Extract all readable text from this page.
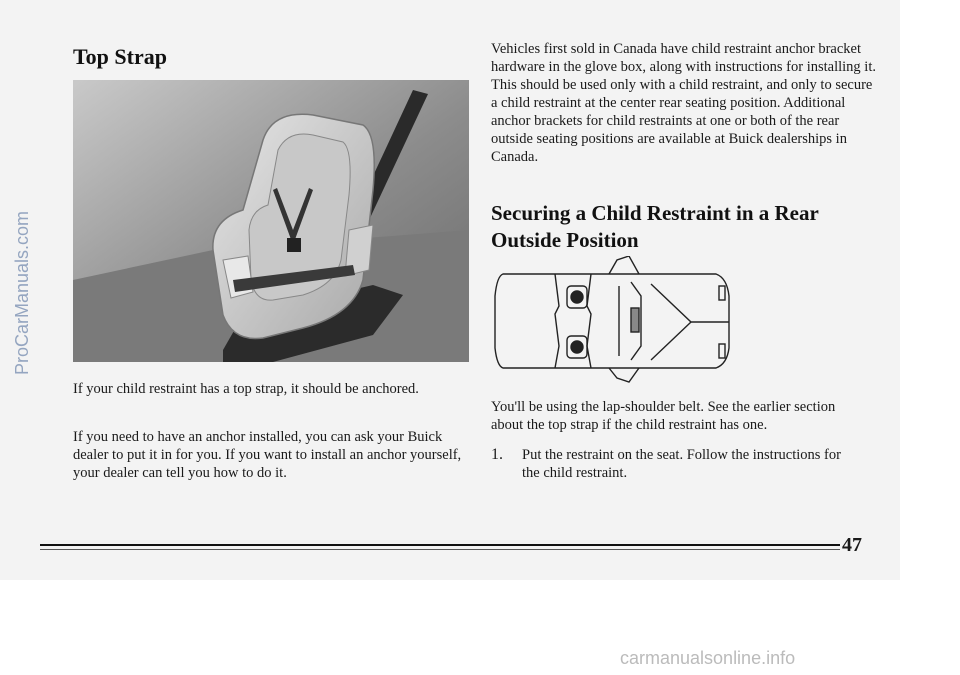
Top Strap

If your child restraint has a top strap, it should be anchored.

If you need to have an anchor installed, you can ask your Buick dealer to put it in for you. If you want to install an anchor yourself, your dealer can tell you how to do it.

Vehicles first sold in Canada have child restraint anchor bracket hardware in the glove box, along with instructions for installing it. This should be used only with a child restraint, and only to secure a child restraint at the center rear seating position. Additional anchor brackets for child restraints at one or both of the rear outside seating positions are available at Buick dealerships in Canada.

Securing a Child Restraint in a Rear Outside Position

You'll be using the lap-shoulder belt. See the earlier section about the top strap if the child restraint has one.

1.	Put the restraint on the seat. Follow the instructions for the child restraint.

47
ProCarManuals.com
carmanualsonline.info
